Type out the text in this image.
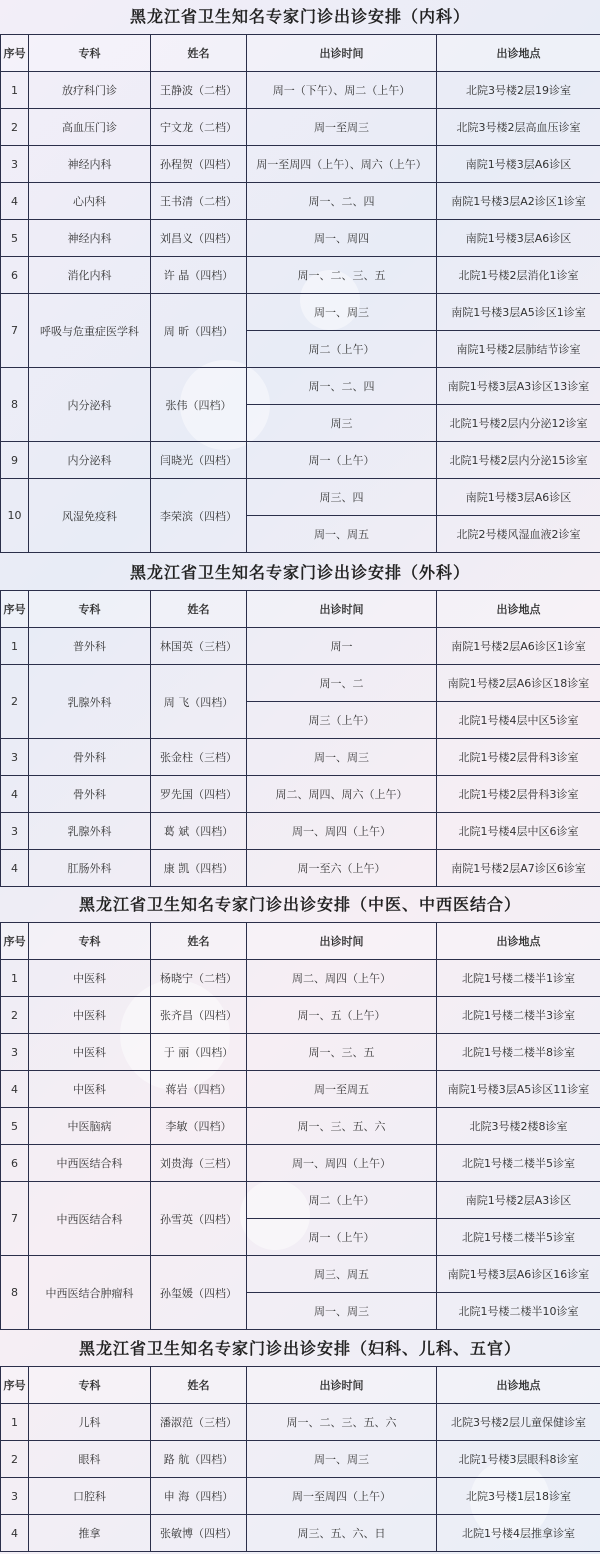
黑龙江省卫生知名专家门诊出诊安排（内科）
序号	专科	姓名	出诊时间	出诊地点
1	放疗科门诊	王静波（二档）	周一（下午）、周二（上午）	北院3号楼2层19诊室
2	高血压门诊	宁文龙（二档）	周一至周三	北院3号楼2层高血压诊室
3	神经内科	孙程贺（四档）	周一至周四（上午）、周六（上午）	南院1号楼3层A6诊区
4	心内科	王书清（二档）	周一、二、四	南院1号楼3层A2诊区1诊室
5	神经内科	刘昌义（四档）	周一、周四	南院1号楼3层A6诊区
6	消化内科	许 晶（四档）	周一、二、三、五	北院1号楼2层消化1诊室
7	呼吸与危重症医学科	周 昕（四档）	周一、周三	南院1号楼3层A5诊区1诊室
			周二（上午）	南院1号楼2层肺结节诊室
8	内分泌科	张伟（四档）	周一、二、四	南院1号楼3层A3诊区13诊室
			周三	北院1号楼2层内分泌12诊室
9	内分泌科	闫晓光（四档）	周一（上午）	北院1号楼2层内分泌15诊室
10	风湿免疫科	李荣滨（四档）	周三、四	南院1号楼3层A6诊区
			周一、周五	北院2号楼风湿血液2诊室
黑龙江省卫生知名专家门诊出诊安排（外科）
序号	专科	姓名	出诊时间	出诊地点
1	普外科	林国英（三档）	周一	南院1号楼2层A6诊区1诊室
2	乳腺外科	周 飞（四档）	周一、二	南院1号楼2层A6诊区18诊室
			周三（上午）	北院1号楼4层中区5诊室
3	骨外科	张金柱（三档）	周一、周三	北院1号楼2层骨科3诊室
4	骨外科	罗先国（四档）	周二、周四、周六（上午）	北院1号楼2层骨科3诊室
3	乳腺外科	葛 斌（四档）	周一、周四（上午）	北院1号楼4层中区6诊室
4	肛肠外科	康 凯（四档）	周一至六（上午）	南院1号楼2层A7诊区6诊室
黑龙江省卫生知名专家门诊出诊安排（中医、中西医结合）
序号	专科	姓名	出诊时间	出诊地点
1	中医科	杨晓宁（二档）	周二、周四（上午）	北院1号楼二楼半1诊室
2	中医科	张齐昌（四档）	周一、五（上午）	北院1号楼二楼半3诊室
3	中医科	于 丽（四档）	周一、三、五	北院1号楼二楼半8诊室
4	中医科	蒋岩（四档）	周一至周五	南院1号楼3层A5诊区11诊室
5	中医脑病	李敏（四档）	周一、三、五、六	北院3号楼2楼8诊室
6	中西医结合科	刘贵海（三档）	周一、周四（上午）	北院1号楼二楼半5诊室
7	中西医结合科	孙雪英（四档）	周二（上午）	南院1号楼2层A3诊区
			周一（上午）	北院1号楼二楼半5诊室
8	中西医结合肿瘤科	孙玺媛（四档）	周三、周五	南院1号楼3层A6诊区16诊室
			周一、周三	北院1号楼二楼半10诊室
黑龙江省卫生知名专家门诊出诊安排（妇科、儿科、五官）
序号	专科	姓名	出诊时间	出诊地点
1	儿科	潘淑范（三档）	周一、二、三、五、六	北院3号楼2层儿童保健诊室
2	眼科	路 航（四档）	周一、周三	北院1号楼3层眼科8诊室
3	口腔科	申 海（四档）	周一至周四（上午）	北院3号楼1层18诊室
4	推拿	张敏博（四档）	周三、五、六、日	北院1号楼4层推拿诊室
